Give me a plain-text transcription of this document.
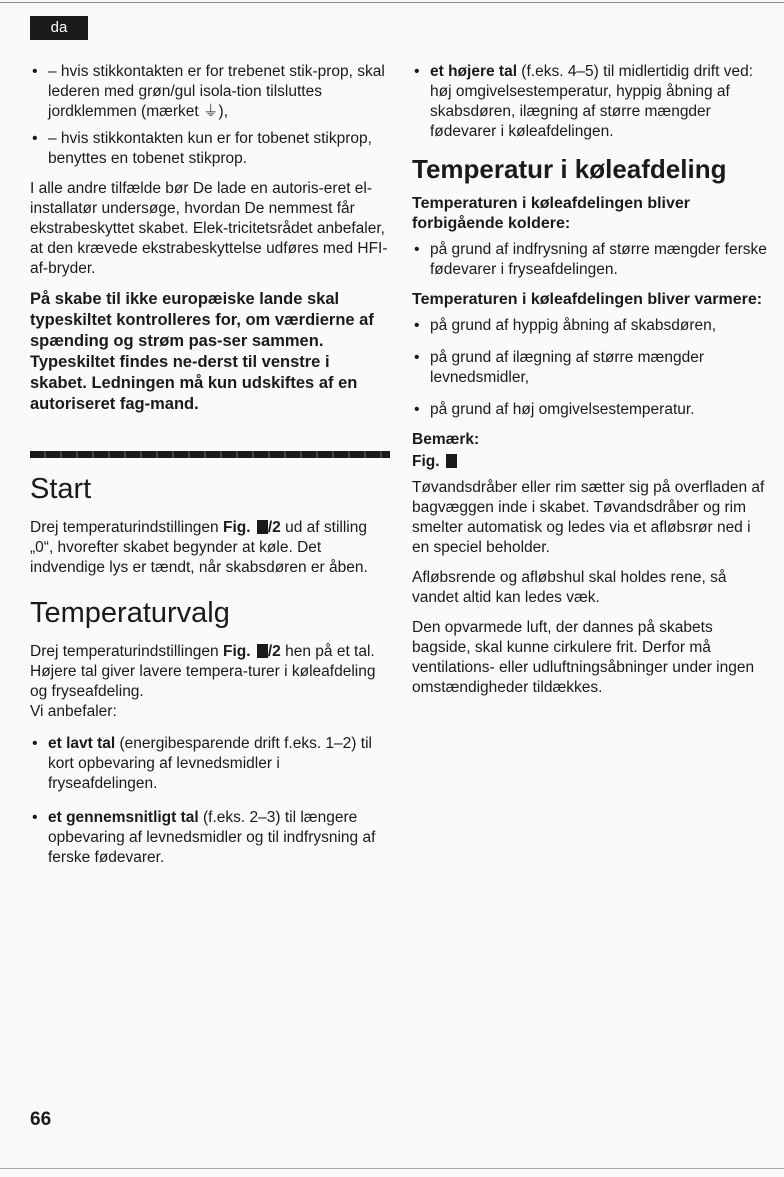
da
• – hvis stikkontakten er for trebenet stik-prop, skal lederen med grøn/gul isola-tion tilsluttes jordklemmen (mærket ⏚),
• – hvis stikkontakten kun er for tobenet stikprop, benyttes en tobenet stikprop.

I alle andre tilfælde bør De lade en autoris-eret el-installatør undersøge, hvordan De nemmest får ekstrabeskyttet skabet. Elek-tricitetsrådet anbefaler, at den krævede ekstrabeskyttelse udføres med HFI-af-bryder.

På skabe til ikke europæiske lande skal typeskiltet kontrolleres for, om værdierne af spænding og strøm pas-ser sammen. Typeskiltet findes ne-derst til venstre i skabet. Ledningen må kun udskiftes af en autoriseret fag-mand.

Start

Drej temperaturindstillingen Fig. /2 ud af stilling „0“, hvorefter skabet begynder at køle. Det indvendige lys er tændt, når skabsdøren er åben.

Temperaturvalg

Drej temperaturindstillingen Fig. /2 hen på et tal. Højere tal giver lavere tempera-turer i køleafdeling og fryseafdeling.

Vi anbefaler:

• et lavt tal (energibesparende drift f.eks. 1–2) til kort opbevaring af levnedsmidler i fryseafdelingen.
• et gennemsnitligt tal (f.eks. 2–3) til længere opbevaring af levnedsmidler og til indfrysning af ferske fødevarer.
• et højere tal (f.eks. 4–5) til midlertidig drift ved: høj omgivelsestemperatur, hyppig åbning af skabsdøren, ilægning af større mængder fødevarer i køleafdelingen.
Temperatur i køleafdeling
Temperaturen i køleafdelingen bliver forbigående koldere:
• på grund af indfrysning af større mængder ferske fødevarer i fryseafdelingen.
Temperaturen i køleafdelingen bliver varmere:
• på grund af hyppig åbning af skabsdøren,
• på grund af ilægning af større mængder levnedsmidler,
• på grund af høj omgivelsestemperatur.
Bemærk:
Fig.

Tøvandsdråber eller rim sætter sig på overfladen af bagvæggen inde i skabet. Tøvandsdråber og rim smelter automatisk og ledes via et afløbsrør ned i en speciel beholder.

Afløbsrende og afløbshul skal holdes rene, så vandet altid kan ledes væk.

Den opvarmede luft, der dannes på skabets bagside, skal kunne cirkulere frit. Derfor må ventilations- eller udluftningsåbninger under ingen omstændigheder tildækkes.

66
